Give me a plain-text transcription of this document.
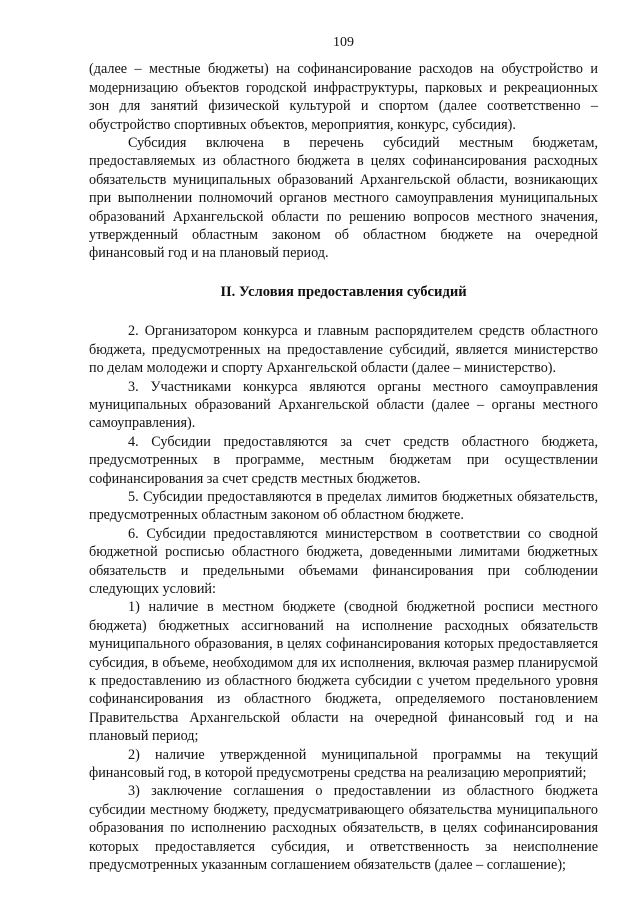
109

(далее – местные бюджеты) на софинансирование расходов на обустройство и модернизацию объектов городской инфраструктуры, парковых и рекреационных зон для занятий физической культурой и спортом (далее соответственно – обустройство спортивных объектов, мероприятия, конкурс, субсидия).

Субсидия включена в перечень субсидий местным бюджетам, предоставляемых из областного бюджета в целях софинансирования расходных обязательств муниципальных образований Архангельской области, возникающих при выполнении полномочий органов местного самоуправления муниципальных образований Архангельской области по решению вопросов местного значения, утвержденный областным законом об областном бюджете на очередной финансовый год и на плановый период.

II. Условия предоставления субсидий

2. Организатором конкурса и главным распорядителем средств областного бюджета, предусмотренных на предоставление субсидий, является министерство по делам молодежи и спорту Архангельской области (далее – министерство).

3. Участниками конкурса являются органы местного самоуправления муниципальных образований Архангельской области (далее – органы местного самоуправления).

4. Субсидии предоставляются за счет средств областного бюджета, предусмотренных в программе, местным бюджетам при осуществлении софинансирования за счет средств местных бюджетов.

5. Субсидии предоставляются в пределах лимитов бюджетных обязательств, предусмотренных областным законом об областном бюджете.

6. Субсидии предоставляются министерством в соответствии со сводной бюджетной росписью областного бюджета, доведенными лимитами бюджетных обязательств и предельными объемами финансирования при соблюдении следующих условий:

1) наличие в местном бюджете (сводной бюджетной росписи местного бюджета) бюджетных ассигнований на исполнение расходных обязательств муниципального образования, в целях софинансирования которых предоставляется субсидия, в объеме, необходимом для их исполнения, включая размер планирусмой к предоставлению из областного бюджета субсидии с учетом предельного уровня софинансирования из областного бюджета, определяемого постановлением Правительства Архангельской области на очередной финансовый год и на плановый период;

2) наличие утвержденной муниципальной программы на текущий финансовый год, в которой предусмотрены средства на реализацию мероприятий;

3) заключение соглашения о предоставлении из областного бюджета субсидии местному бюджету, предусматривающего обязательства муниципального образования по исполнению расходных обязательств, в целях софинансирования которых предоставляется субсидия, и ответственность за неисполнение предусмотренных указанным соглашением обязательств (далее – соглашение);
